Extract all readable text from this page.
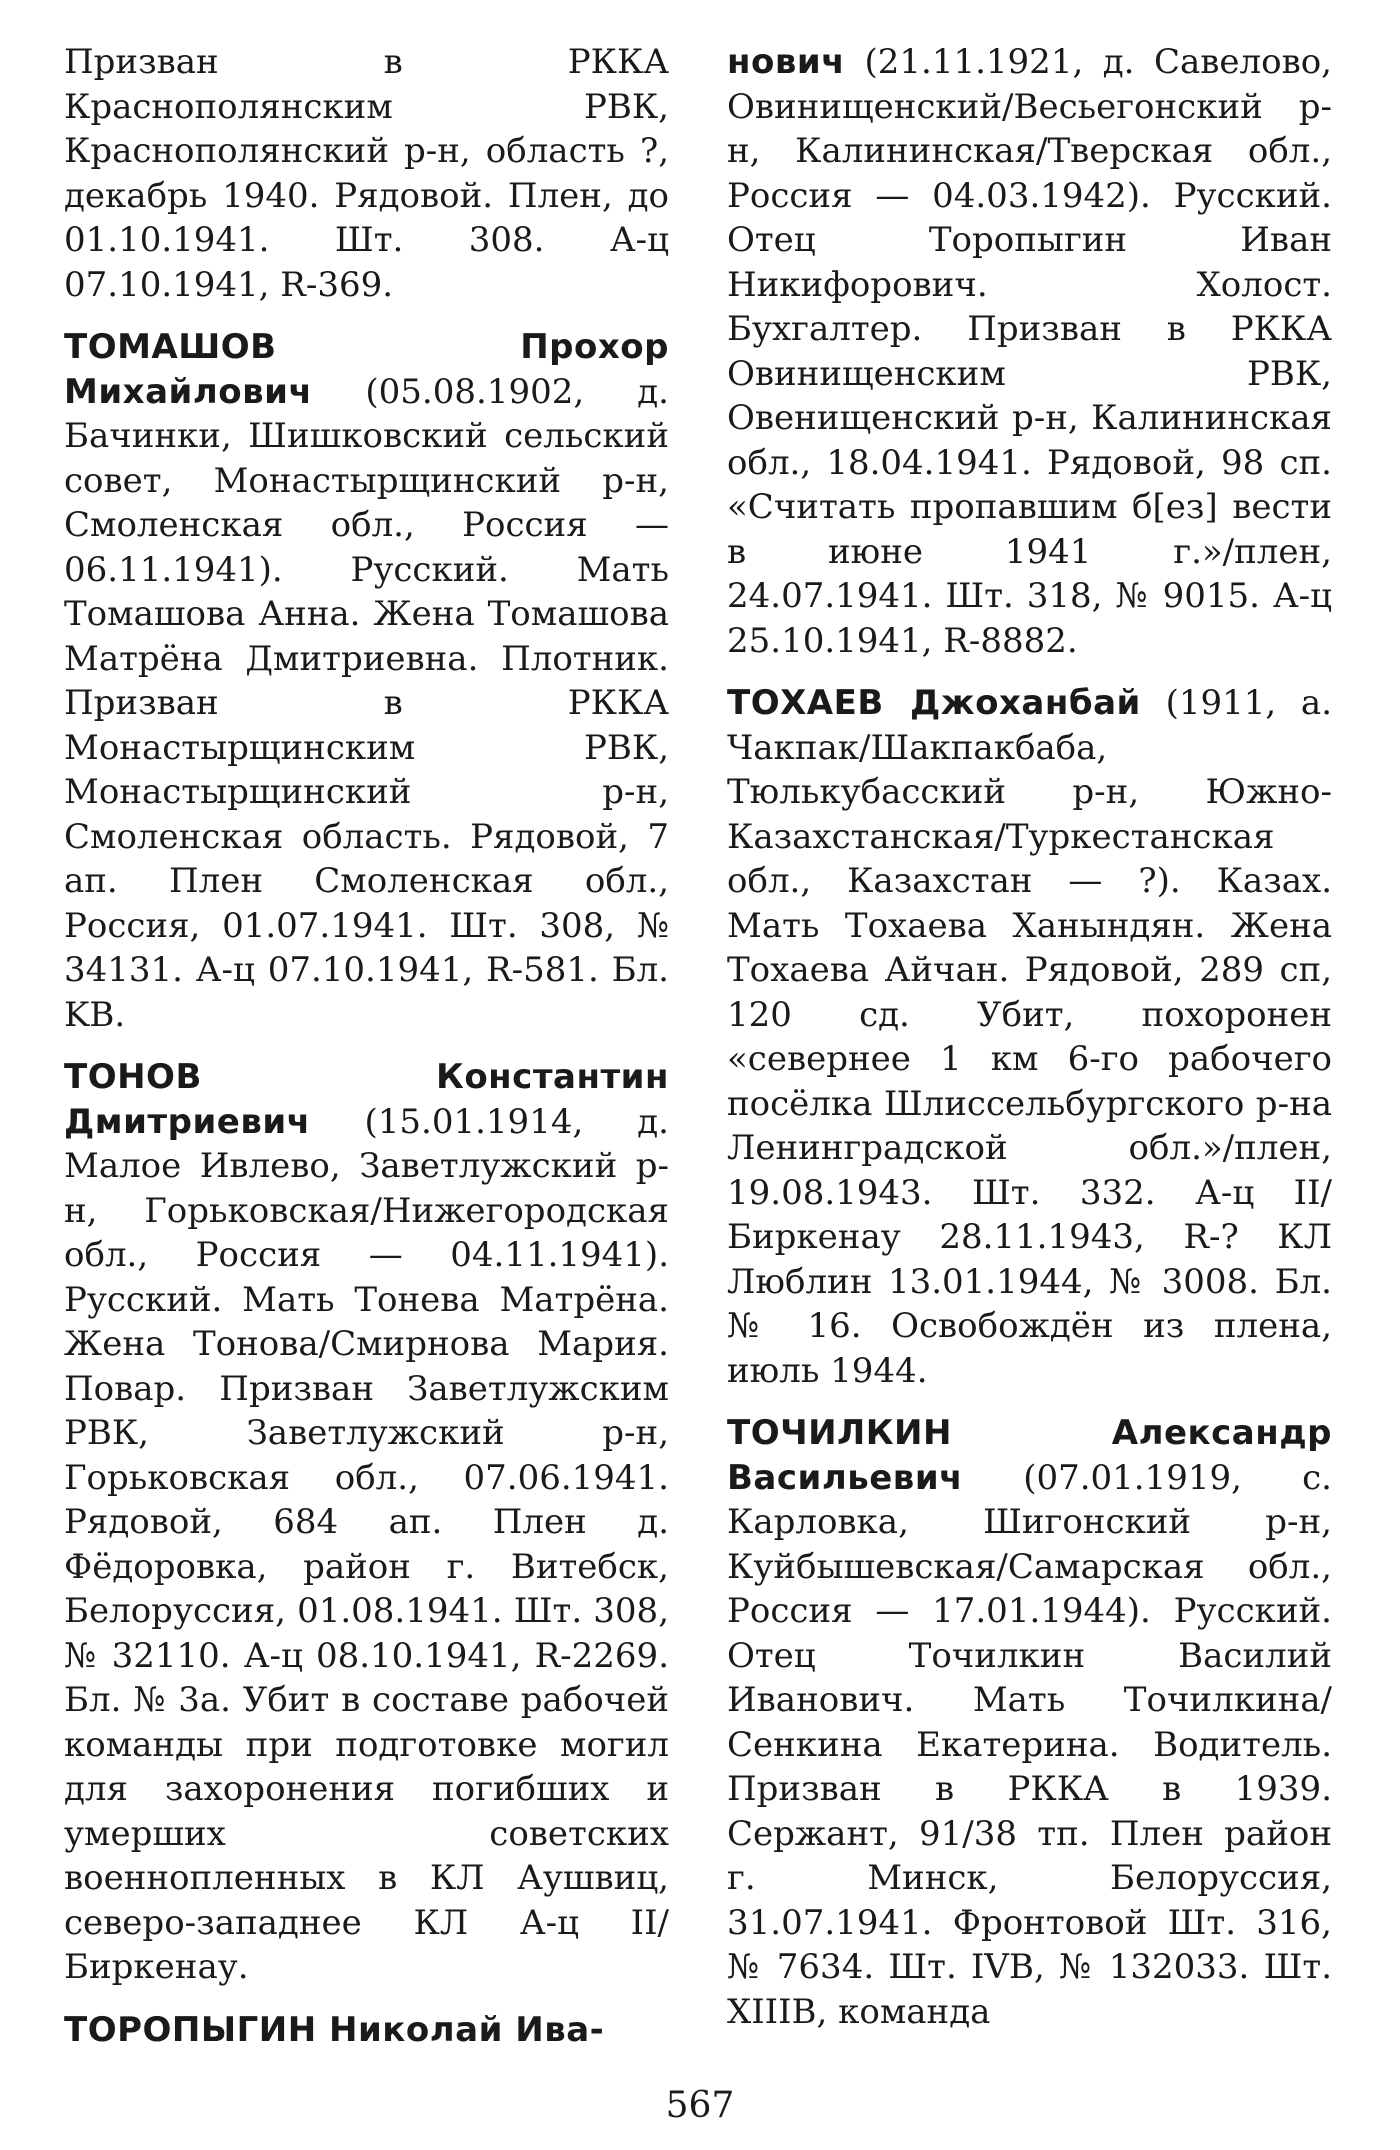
Призван в РККА Краснополянским РВК, Краснополянский р-н, область ?, декабрь 1940. Рядовой. Плен, до 01.10.1941. Шт. 308. А-ц 07.10.1941, R-369.

ТОМАШОВ Прохор Михайлович (05.08.1902, д. Бачинки, Шишковский сельский совет, Монастырщинский р-н, Смоленская обл., Россия — 06.11.1941). Русский. Мать Томашова Анна. Жена Томашова Матрёна Дмитриевна. Плотник. Призван в РККА Монастырщинским РВК, Монастырщинский р-н, Смоленская область. Рядовой, 7 ап. Плен Смоленская обл., Россия, 01.07.1941. Шт. 308, № 34131. А-ц 07.10.1941, R-581. Бл. KB.

ТОНОВ Константин Дмитриевич (15.01.1914, д. Малое Ивлево, Заветлужский р-н, Горьковская/Нижегородская обл., Россия — 04.11.1941). Русский. Мать Тонева Матрёна. Жена Тонова/Смирнова Мария. Повар. Призван Заветлужским РВК, Заветлужский р-н, Горьковская обл., 07.06.1941. Рядовой, 684 ап. Плен д. Фёдоровка, район г. Витебск, Белоруссия, 01.08.1941. Шт. 308, № 32110. А-ц 08.10.1941, R-2269. Бл. № 3а. Убит в составе рабочей команды при подготовке могил для захоронения погибших и умерших советских военнопленных в КЛ Аушвиц, северо-западнее КЛ А-ц II/Биркенау.

ТОРОПЫГИН Николай Ива-

нович (21.11.1921, д. Савелово, Овинищенский/Весьегонский р-н, Калининская/Тверская обл., Россия — 04.03.1942). Русский. Отец Торопыгин Иван Никифорович. Холост. Бухгалтер. Призван в РККА Овинищенским РВК, Овенищенский р-н, Калининская обл., 18.04.1941. Рядовой, 98 сп. «Считать пропавшим б[ез] вести в июне 1941 г.»/плен, 24.07.1941. Шт. 318, № 9015. А-ц 25.10.1941, R-8882.

ТОХАЕВ Джоханбай (1911, а. Чакпак/Шакпакбаба, Тюлькубасский р-н, Южно-Казахстанская/Туркестанская обл., Казахстан — ?). Казах. Мать Тохаева Ханындян. Жена Тохаева Айчан. Рядовой, 289 сп, 120 сд. Убит, похоронен «севернее 1 км 6-го рабочего посёлка Шлиссельбургского р-на Ленинградской обл.»/плен, 19.08.1943. Шт. 332. А-ц II/Биркенау 28.11.1943, R-? КЛ Люблин 13.01.1944, № 3008. Бл. № 16. Освобождён из плена, июль 1944.

ТОЧИЛКИН Александр Васильевич (07.01.1919, с. Карловка, Шигонский р-н, Куйбышевская/Самарская обл., Россия — 17.01.1944). Русский. Отец Точилкин Василий Иванович. Мать Точилкина/Сенкина Екатерина. Водитель. Призван в РККА в 1939. Сержант, 91/38 тп. Плен район г. Минск, Белоруссия, 31.07.1941. Фронтовой Шт. 316, № 7634. Шт. IVB, № 132033. Шт. XIIIB, команда

567
